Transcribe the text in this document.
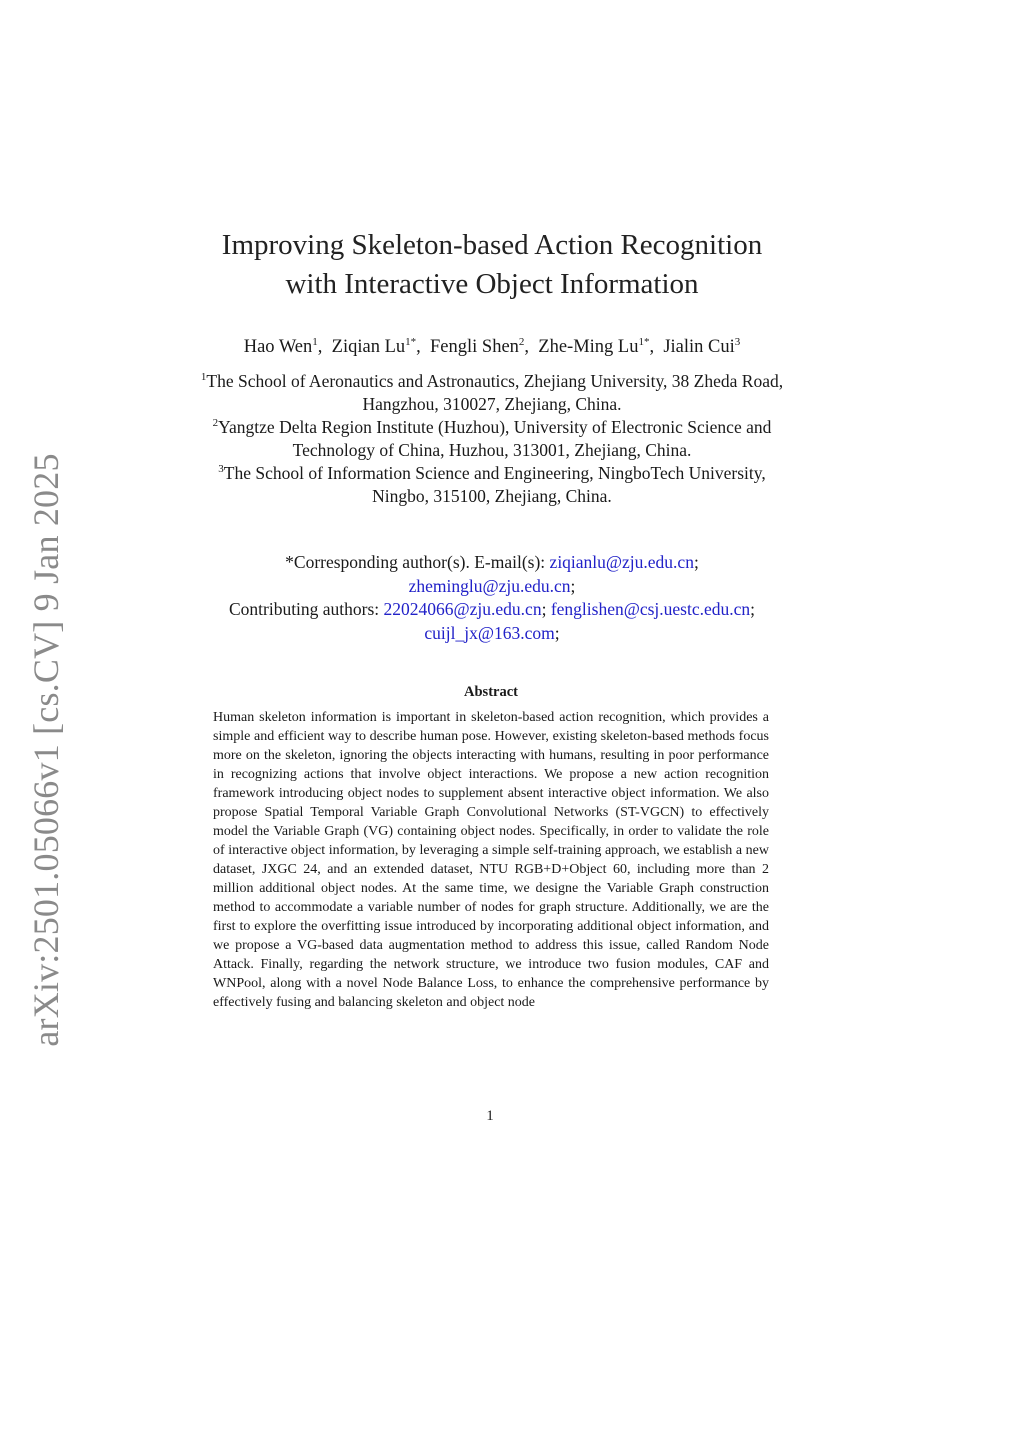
arXiv:2501.05066v1 [cs.CV] 9 Jan 2025
Improving Skeleton-based Action Recognition
with Interactive Object Information
Hao Wen$^1$,  Ziqian $Lu^{1*}$,  Fengli Shen$^2$,  Zhe-Ming $Lu^{1*}$,  Jialin Cui$^3$
$^1$The School of Aeronautics and Astronautics, Zhejiang University, 38 Zheda Road, Hangzhou, 310027, Zhejiang, China.
$^2$Yangtze Delta Region Institute (Huzhou), University of Electronic Science and Technology of China, Huzhou, 313001, Zhejiang, China.
$^3$The School of Information Science and Engineering, NingboTech University, Ningbo, 315100, Zhejiang, China.
*Corresponding author(s). E-mail(s): ziqianlu@zju.edu.cn;
zheminglu@zju.edu.cn;
Contributing authors: 22024066@zju.edu.cn; fenglishen@csj.uestc.edu.cn;
cuijl_jx@163.com;
Abstract
Human skeleton information is important in skeleton-based action recognition, which provides a simple and efficient way to describe human pose. However, existing skeleton-based methods focus more on the skeleton, ignoring the objects interacting with humans, resulting in poor performance in recognizing actions that involve object interactions. We propose a new action recognition framework introducing object nodes to supplement absent interactive object information. We also propose Spatial Temporal Variable Graph Convolutional Networks (ST-VGCN) to effectively model the Variable Graph (VG) containing object nodes. Specifically, in order to validate the role of interactive object information, by leveraging a simple self-training approach, we establish a new dataset, JXGC 24, and an extended dataset, NTU RGB+D+Object 60, including more than 2 million additional object nodes. At the same time, we designe the Variable Graph construction method to accommodate a variable number of nodes for graph structure. Additionally, we are the first to explore the overfitting issue introduced by incorporating additional object information, and we propose a VG-based data augmentation method to address this issue, called Random Node Attack. Finally, regarding the network structure, we introduce two fusion modules, CAF and WNPool, along with a novel Node Balance Loss, to enhance the comprehensive performance by effectively fusing and balancing skeleton and object node
1
